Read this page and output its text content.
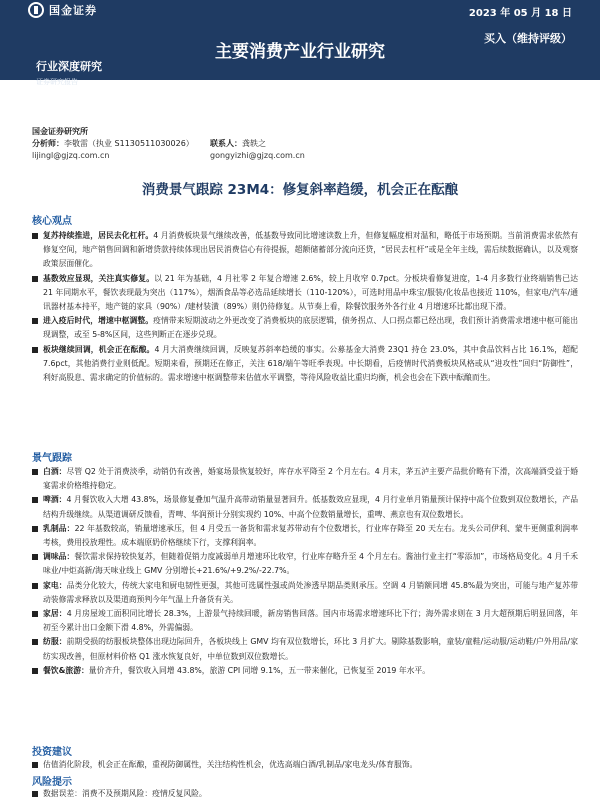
国金证券	2023 年 05 月 18 日
主要消费产业行业研究
买入（维持评级）
行业深度研究
证券研究报告
国金证券研究所
分析师：李敬雷（执业 S1130511030026）
lijingl@gjzq.com.cn
联系人：龚轶之
gongyizhi@gjzq.com.cn
消费景气跟踪 23M4：修复斜率趋缓，机会正在酝酿
核心观点
复苏持续推进，居民去化杠杆。4 月消费板块景气继续改善，低基数导致同比增速读数上升，但修复幅度相对温和，略低于市场预期。当前消费需求依然有修复空间，地产销售回调和新增贷款持续体现出居民消费信心有待提振，超额储蓄部分流向还贷，“居民去杠杆”或是全年主线，需后续数据确认，以及观察政策层面催化。
基数效应显现，关注真实修复。以 21 年为基础，4 月社零 2 年复合增速 2.6%，较上月收窄 0.7pct。分板块看修复进度，1-4 月多数行业终端销售已达 21 年同期水平，餐饮表现最为突出（117%），烟酒食品等必选品延续增长（110-120%），可选时用品中珠宝/服装/化妆品也接近 110%，但家电/汽车/通讯器材基本持平，地产链的家具（90%）/建材装潢（89%）则仍待修复。从节奏上看，除餐饮服务外各行业 4 月增速环比都出现下滑。
进入疫后时代，增速中枢调整。疫情带来短期波动之外更改变了消费板块的底层逻辑，债务拐点、人口拐点都已经出现，我们预计消费需求增速中枢可能出现调整，或至 5-8%区间，这些判断正在逐步兑现。
板块继续回调，机会正在酝酿。4 月大消费继续回调，反映复苏斜率趋缓的事实。公募基金大消费 23Q1 持仓 23.0%，其中食品饮料占比 16.1%，超配 7.6pct，其他消费行业则低配。短期来看，预期还在修正，关注 618/端午等旺季表现。中长期看，后疫情时代消费板块风格或从“进攻性”回归“防御性”，利好高股息、需求确定的价值标的。需求增速中枢调整带来估值水平调整，等待风险收益比重归均衡，机会也会在下跌中酝酿而生。
景气跟踪
白酒：尽管 Q2 处于消费淡季，动销仍有改善，婚宴场景恢复较好，库存水平降至 2 个月左右。4 月末，茅五泸主要产品批价略有下滑，次高端酒受益于婚宴需求价格维持稳定。
啤酒：4 月餐饮收入大增 43.8%，场景修复叠加气温升高带动销量显著回升。低基数效应显现，4 月行业单月销量预计保持中高个位数到双位数增长，产品结构升级继续。从渠道调研反馈看，青啤、华润预计分别实现约 10%、中高个位数销量增长，重啤、燕京也有双位数增长。
乳制品：22 年基数较高，销量增速承压，但 4 月受五一备货和需求复苏带动有个位数增长，行业库存降至 20 天左右。龙头公司伊利、蒙牛更侧重利润率考核，费用投放理性。成本端原奶价格继续下行，支撑利润率。
调味品：餐饮需求保持较快复苏，但随着促销力度减弱单月增速环比收窄，行业库存略升至 4 个月左右。酱油行业主打“零添加”，市场格局变化。4 月千禾味业/中炬高新/海天味业线上 GMV 分别增长+21.6%/+9.2%/-22.7%。
家电：品类分化较大，传统大家电和厨电韧性更强，其他可选属性强或尚处渗透早期品类则承压。空调 4 月销额同增 45.8%最为突出，可能与地产复苏带动装修需求释放以及渠道商预判今年气温上升备货有关。
家居：4 月房屋竣工面积同比增长 28.3%，上游景气持续回暖，新房销售回落。国内市场需求增速环比下行；海外需求则在 3 月大超预期后明显回落，年初至今累计出口金额下滑 4.8%，外需偏弱。
纺服：前期受损的纺服板块整体出现边际回升，各板块线上 GMV 均有双位数增长，环比 3 月扩大。剔除基数影响，童装/童鞋/运动服/运动鞋/户外用品/家纺实现改善，但原材料价格 Q1 涨水恢复良好，中单位数到双位数增长。
餐饮&旅游：量价齐升，餐饮收入同增 43.8%，旅游 CPI 同增 9.1%，五一带来催化，已恢复至 2019 年水平。
投资建议
估值消化阶段，机会正在酝酿，重视防御属性，关注结构性机会，优选高端白酒/乳制品/家电龙头/体育服饰。
风险提示
数据误差：消费不及预期风险：疫情反复风险。
